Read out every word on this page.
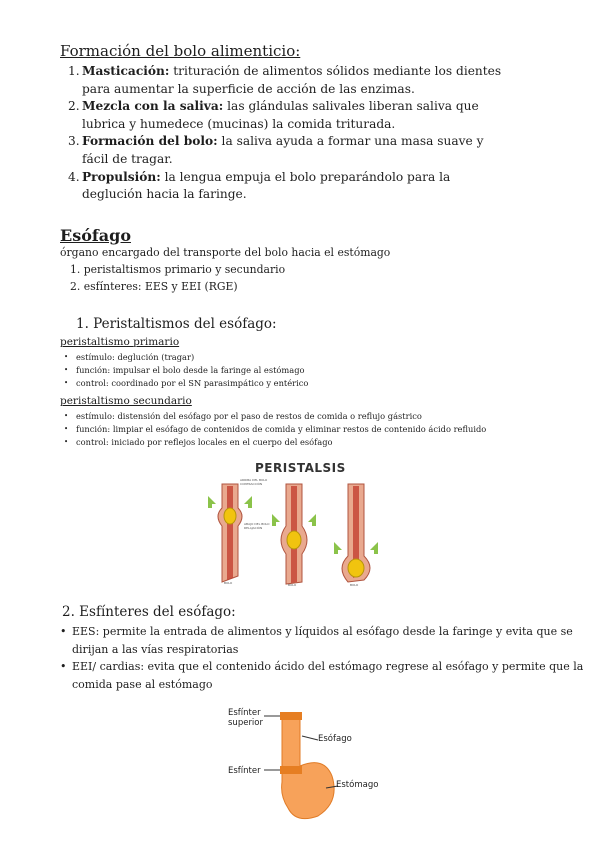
Formación del bolo alimenticio:
1. Masticación: trituración de alimentos sólidos mediante los dientes para aumentar la superficie de acción de las enzimas.
2. Mezcla con la saliva: las glándulas salivales liberan saliva que lubrica y humedece (mucinas) la comida triturada.
3. Formación del bolo: la saliva ayuda a formar una masa suave y fácil de tragar.
4. Propulsión: la lengua empuja el bolo preparándolo para la deglución hacia la faringe.
Esófago
órgano encargado del transporte del bolo hacia el estómago
1. peristaltismos primario y secundario
2. esfínteres: EES y EEI (RGE)
1. Peristaltismos del esófago:
peristaltismo primario
• estímulo: deglución (tragar)
• función: impulsar el bolo desde la faringe al estómago
• control: coordinado por el SN parasimpático y entérico
peristaltismo secundario
• estímulo: distensión del esófago por el paso de restos de comida o reflujo gástrico
• función: limpiar el esófago de contenidos de comida y eliminar restos de contenido ácido refluido
• control: iniciado por reflejos locales en el cuerpo del esófago
PERISTALSIS
ARRIBA DEL BOLO CONTRACCIÓN
ABAJO DEL BOLO RELAJACIÓN
BOLO	BOLO	BOLO
2. Esfínteres del esófago:
• EES: permite la entrada de alimentos y líquidos al esófago desde la faringe y evita que se dirijan a las vías respiratorias
• EEI/ cardias: evita que el contenido ácido del estómago regrese al esófago y permite que la comida pase al estómago
Esfínter superior
Esófago
Esfínter
Estómago
